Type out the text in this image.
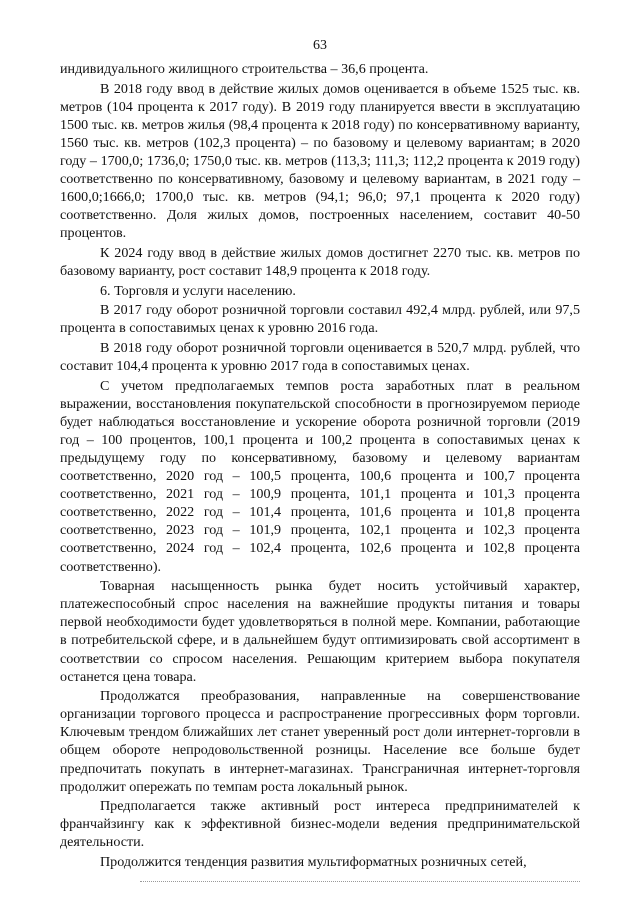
63

индивидуального жилищного строительства – 36,6 процента.

В 2018 году ввод в действие жилых домов оценивается в объеме 1525 тыс. кв. метров (104 процента к 2017 году). В 2019 году планируется ввести в эксплуатацию 1500 тыс. кв. метров жилья (98,4 процента к 2018 году) по консервативному варианту, 1560 тыс. кв. метров (102,3 процента) – по базовому и целевому вариантам; в 2020 году – 1700,0; 1736,0; 1750,0 тыс. кв. метров (113,3; 111,3; 112,2 процента к 2019 году) соответственно по консервативному, базовому и целевому вариантам, в 2021 году – 1600,0;1666,0; 1700,0 тыс. кв. метров (94,1; 96,0; 97,1 процента к 2020 году) соответственно. Доля жилых домов, построенных населением, составит 40-50 процентов.

К 2024 году ввод в действие жилых домов достигнет 2270 тыс. кв. метров по базовому варианту, рост составит 148,9 процента к 2018 году.

6. Торговля и услуги населению.

В 2017 году оборот розничной торговли составил 492,4 млрд. рублей, или 97,5 процента в сопоставимых ценах к уровню 2016 года.

В 2018 году оборот розничной торговли оценивается в 520,7 млрд. рублей, что составит 104,4 процента к уровню 2017 года в сопоставимых ценах.

С учетом предполагаемых темпов роста заработных плат в реальном выражении, восстановления покупательской способности в прогнозируемом периоде будет наблюдаться восстановление и ускорение оборота розничной торговли (2019 год – 100 процентов, 100,1 процента и 100,2 процента в сопоставимых ценах к предыдущему году по консервативному, базовому и целевому вариантам соответственно, 2020 год – 100,5 процента, 100,6 процента и 100,7 процента соответственно, 2021 год – 100,9 процента, 101,1 процента и 101,3 процента соответственно, 2022 год – 101,4 процента, 101,6 процента и 101,8 процента соответственно, 2023 год – 101,9 процента, 102,1 процента и 102,3 процента соответственно, 2024 год – 102,4 процента, 102,6 процента и 102,8 процента соответственно).

Товарная насыщенность рынка будет носить устойчивый характер, платежеспособный спрос населения на важнейшие продукты питания и товары первой необходимости будет удовлетворяться в полной мере. Компании, работающие в потребительской сфере, и в дальнейшем будут оптимизировать свой ассортимент в соответствии со спросом населения. Решающим критерием выбора покупателя останется цена товара.

Продолжатся преобразования, направленные на совершенствование организации торгового процесса и распространение прогрессивных форм торговли. Ключевым трендом ближайших лет станет уверенный рост доли интернет-торговли в общем обороте непродовольственной розницы. Население все больше будет предпочитать покупать в интернет-магазинах. Трансграничная интернет-торговля продолжит опережать по темпам роста локальный рынок.

Предполагается также активный рост интереса предпринимателей к франчайзингу как к эффективной бизнес-модели ведения предпринимательской деятельности.

Продолжится тенденция развития мультиформатных розничных сетей,
